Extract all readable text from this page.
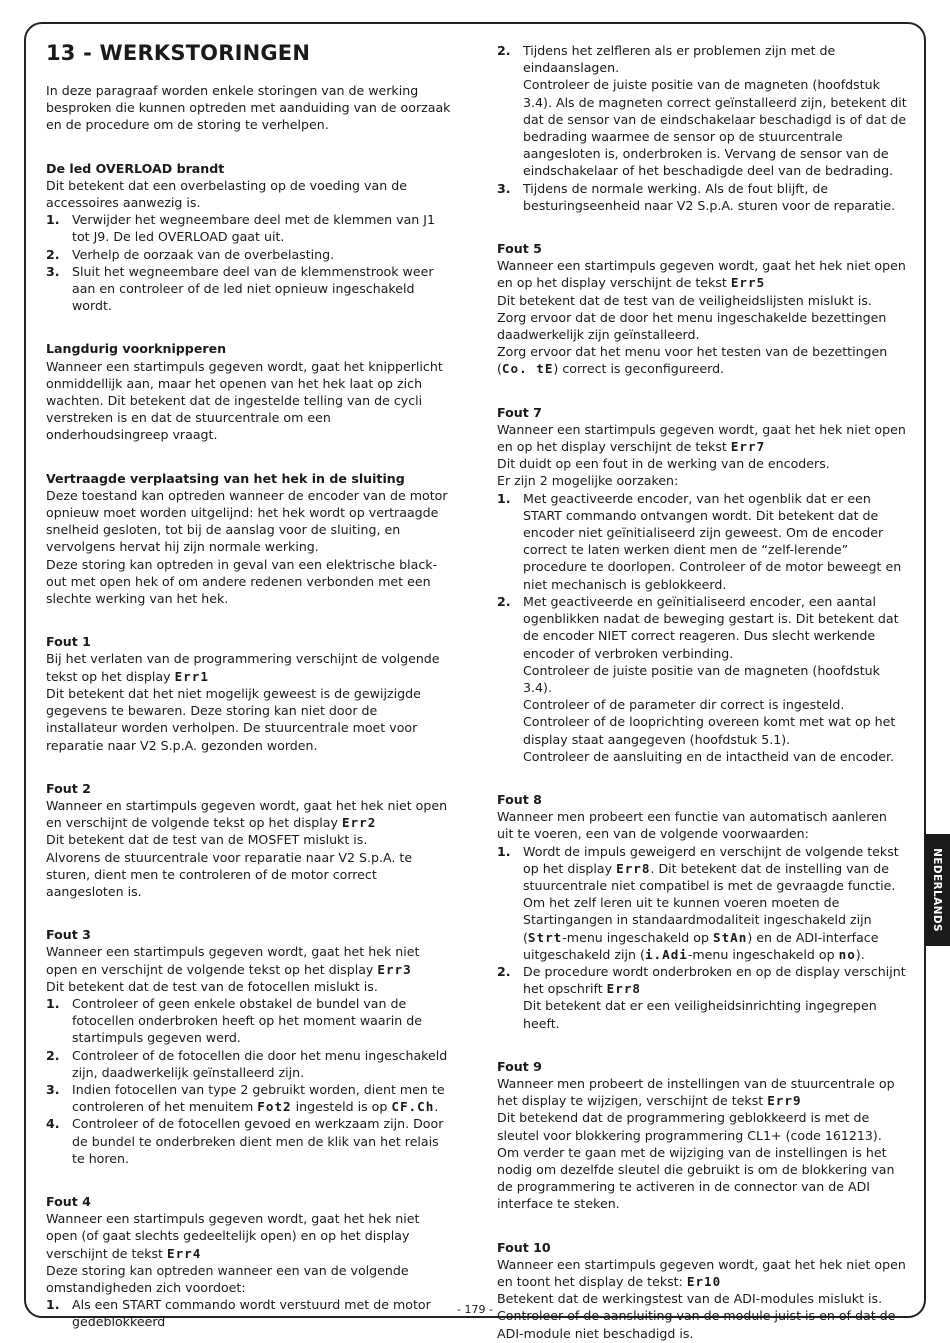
13 - WERKSTORINGEN

In deze paragraaf worden enkele storingen van de werking besproken die kunnen optreden met aanduiding van de oorzaak en de procedure om de storing te verhelpen.

De led OVERLOAD brandt

Dit betekent dat een overbelasting op de voeding van de accessoires aanwezig is.

1. Verwijder het wegneembare deel met de klemmen van J1 tot J9. De led OVERLOAD gaat uit.
2. Verhelp de oorzaak van de overbelasting.
3. Sluit het wegneembare deel van de klemmenstrook weer aan en controleer of de led niet opnieuw ingeschakeld wordt.

Langdurig voorknipperen

Wanneer een startimpuls gegeven wordt, gaat het knipperlicht onmiddellijk aan, maar het openen van het hek laat op zich wachten. Dit betekent dat de ingestelde telling van de cycli verstreken is en dat de stuurcentrale om een onderhoudsingreep vraagt.

Vertraagde verplaatsing van het hek in de sluiting

Deze toestand kan optreden wanneer de encoder van de motor opnieuw moet worden uitgelijnd: het hek wordt op vertraagde snelheid gesloten, tot bij de aanslag voor de sluiting, en vervolgens hervat hij zijn normale werking.

Deze storing kan optreden in geval van een elektrische black-out met open hek of om andere redenen verbonden met een slechte werking van het hek.

Fout 1

Bij het verlaten van de programmering verschijnt de volgende tekst op het display Err1

Dit betekent dat het niet mogelijk geweest is de gewijzigde gegevens te bewaren. Deze storing kan niet door de installateur worden verholpen. De stuurcentrale moet voor reparatie naar V2 S.p.A. gezonden worden.

Fout 2

Wanneer en startimpuls gegeven wordt, gaat het hek niet open en verschijnt de volgende tekst op het display Err2

Dit betekent dat de test van de MOSFET mislukt is.

Alvorens de stuurcentrale voor reparatie naar V2 S.p.A. te sturen, dient men te controleren of de motor correct aangesloten is.

Fout 3

Wanneer een startimpuls gegeven wordt, gaat het hek niet open en verschijnt de volgende tekst op het display Err3

Dit betekent dat de test van de fotocellen mislukt is.

1. Controleer of geen enkele obstakel de bundel van de fotocellen onderbroken heeft op het moment waarin de startimpuls gegeven werd.
2. Controleer of de fotocellen die door het menu ingeschakeld zijn, daadwerkelijk geïnstalleerd zijn.
3. Indien fotocellen van type 2 gebruikt worden, dient men te controleren of het menuitem Fot2 ingesteld is op CF.Ch.
4. Controleer of de fotocellen gevoed en werkzaam zijn. Door de bundel te onderbreken dient men de klik van het relais te horen.

Fout 4

Wanneer een startimpuls gegeven wordt, gaat het hek niet open (of gaat slechts gedeeltelijk open) en op het display verschijnt de tekst Err4

Deze storing kan optreden wanneer een van de volgende omstandigheden zich voordoet:

1. Als een START commando wordt verstuurd met de motor gedeblokkeerd
2. Tijdens het zelfleren als er problemen zijn met de eindaanslagen.
Controleer de juiste positie van de magneten (hoofdstuk 3.4). Als de magneten correct geïnstalleerd zijn, betekent dit dat de sensor van de eindschakelaar beschadigd is of dat de bedrading waarmee de sensor op de stuurcentrale aangesloten is, onderbroken is. Vervang de sensor van de eindschakelaar of het beschadigde deel van de bedrading.
3. Tijdens de normale werking. Als de fout blijft, de besturingseenheid naar V2 S.p.A. sturen voor de reparatie.

Fout 5

Wanneer een startimpuls gegeven wordt, gaat het hek niet open en op het display verschijnt de tekst Err5

Dit betekent dat de test van de veiligheidslijsten mislukt is.

Zorg ervoor dat de door het menu ingeschakelde bezettingen daadwerkelijk zijn geïnstalleerd.

Zorg ervoor dat het menu voor het testen van de bezettingen (Co. tE) correct is geconfigureerd.

Fout 7

Wanneer een startimpuls gegeven wordt, gaat het hek niet open en op het display verschijnt de tekst Err7

Dit duidt op een fout in de werking van de encoders.

Er zijn 2 mogelijke oorzaken:

1. Met geactiveerde encoder, van het ogenblik dat er een START commando ontvangen wordt. Dit betekent dat de encoder niet geïnitialiseerd zijn geweest. Om de encoder correct te laten werken dient men de “zelf-lerende” procedure te doorlopen. Controleer of de motor beweegt en niet mechanisch is geblokkeerd.
2. Met geactiveerde en geïnitialiseerd encoder, een aantal ogenblikken nadat de beweging gestart is. Dit betekent dat de encoder NIET correct reageren. Dus slecht werkende encoder of verbroken verbinding.
Controleer de juiste positie van de magneten (hoofdstuk 3.4).
Controleer of de parameter dir correct is ingesteld.
Controleer of de looprichting overeen komt met wat op het display staat aangegeven (hoofdstuk 5.1).
Controleer de aansluiting en de intactheid van de encoder.

Fout 8

Wanneer men probeert een functie van automatisch aanleren uit te voeren, een van de volgende voorwaarden:

1. Wordt de impuls geweigerd en verschijnt de volgende tekst op het display Err8. Dit betekent dat de instelling van de stuurcentrale niet compatibel is met de gevraagde functie. Om het zelf leren uit te kunnen voeren moeten de Startingangen in standaardmodaliteit ingeschakeld zijn (Strt-menu ingeschakeld op StAn) en de ADI-interface uitgeschakeld zijn (i.Adi-menu ingeschakeld op no).
2. De procedure wordt onderbroken en op de display verschijnt het opschrift Err8
Dit betekent dat er een veiligheidsinrichting ingegrepen heeft.

Fout 9

Wanneer men probeert de instellingen van de stuurcentrale op het display te wijzigen, verschijnt de tekst Err9

Dit betekend dat de programmering geblokkeerd is met de sleutel voor blokkering programmering CL1+ (code 161213).

Om verder te gaan met de wijziging van de instellingen is het nodig om dezelfde sleutel die gebruikt is om de blokkering van de programmering te activeren in de connector van de ADI interface te steken.

Fout 10

Wanneer een startimpuls gegeven wordt, gaat het hek niet open en toont het display de tekst: Er10

Betekent dat de werkingstest van de ADI-modules mislukt is.

Controleer of de aansluiting van de module juist is en of dat de ADI-module niet beschadigd is.

NEDERLANDS
- 179 -
